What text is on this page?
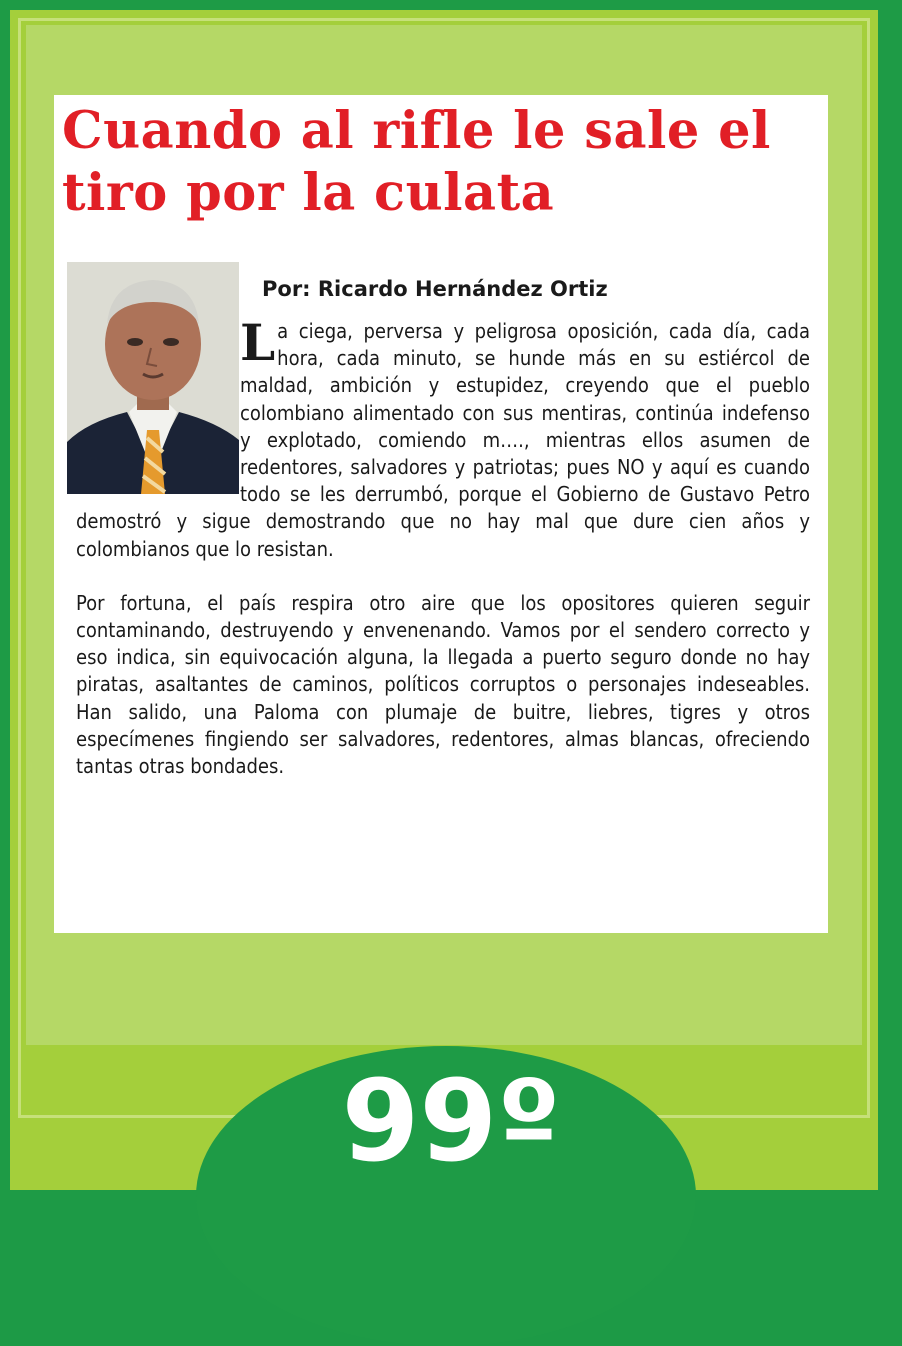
Cuando al rifle le sale el tiro por la culata

Por: Ricardo Hernández Ortiz

L a ciega, perversa y peligrosa oposición, cada día, cada hora, cada minuto, se hunde más en su estiércol de maldad, ambición y estupidez, creyendo que el pueblo colombiano alimentado con sus mentiras, continúa indefenso y explotado, comiendo m…., mientras ellos asumen de redentores, salvadores y patriotas; pues NO y aquí es cuando todo se les derrumbó, porque el Gobierno de Gustavo Petro demostró y sigue demostrando que no hay mal que dure cien años y colombianos que lo resistan.

Por fortuna, el país respira otro aire que los opositores quieren seguir contaminando, destruyendo y envenenando. Vamos por el sendero correcto y eso indica, sin equivocación alguna, la llegada a puerto seguro donde no hay piratas, asaltantes de caminos, políticos corruptos o personajes indeseables. Han salido, una Paloma con plumaje de buitre, liebres, tigres y otros especímenes fingiendo ser salvadores, redentores, almas blancas, ofreciendo tantas otras bondades.

99º
